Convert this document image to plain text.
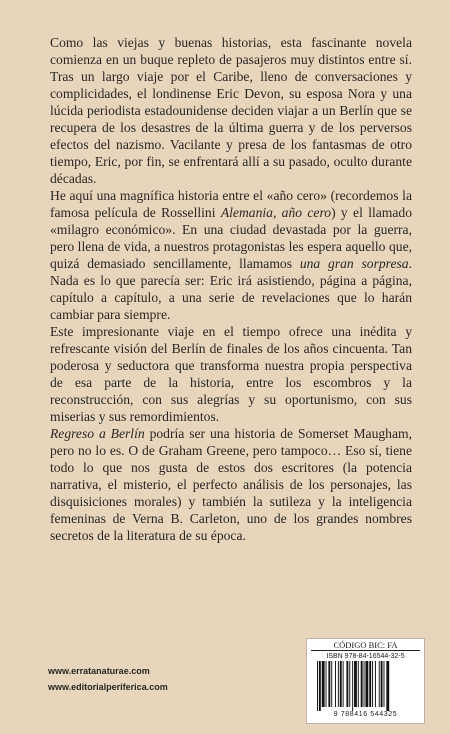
Como las viejas y buenas historias, esta fascinante novela comienza en un buque repleto de pasajeros muy distintos entre sí. Tras un largo viaje por el Caribe, lleno de conversaciones y complicidades, el londinense Eric Devon, su esposa Nora y una lúcida periodista estadounidense deciden viajar a un Berlín que se recupera de los desastres de la última guerra y de los perversos efectos del nazismo. Vacilante y presa de los fantasmas de otro tiempo, Eric, por fin, se enfrentará allí a su pasado, oculto durante décadas.

He aquí una magnífica historia entre el «año cero» (recordemos la famosa película de Rossellini Alemania, año cero) y el llamado «milagro económico». En una ciudad devastada por la guerra, pero llena de vida, a nuestros protagonistas les espera aquello que, quizá demasiado sencillamente, llamamos una gran sorpresa. Nada es lo que parecía ser: Eric irá asistiendo, página a página, capítulo a capítulo, a una serie de revelaciones que lo harán cambiar para siempre.

Este impresionante viaje en el tiempo ofrece una inédita y refrescante visión del Berlín de finales de los años cincuenta. Tan poderosa y seductora que transforma nuestra propia perspectiva de esa parte de la historia, entre los escombros y la reconstrucción, con sus alegrías y su oportunismo, con sus miserias y sus remordimientos.

Regreso a Berlín podría ser una historia de Somerset Maugham, pero no lo es. O de Graham Greene, pero tampoco… Eso sí, tiene todo lo que nos gusta de estos dos escritores (la potencia narrativa, el misterio, el perfecto análisis de los personajes, las disquisiciones morales) y también la sutileza y la inteligencia femeninas de Verna B. Carleton, uno de los grandes nombres secretos de la literatura de su época.

www.erratanaturae.com
www.editorialperiferica.com
CÓDIGO BIC: FA
ISBN 978-84-16544-32-5
9 788416 544325
